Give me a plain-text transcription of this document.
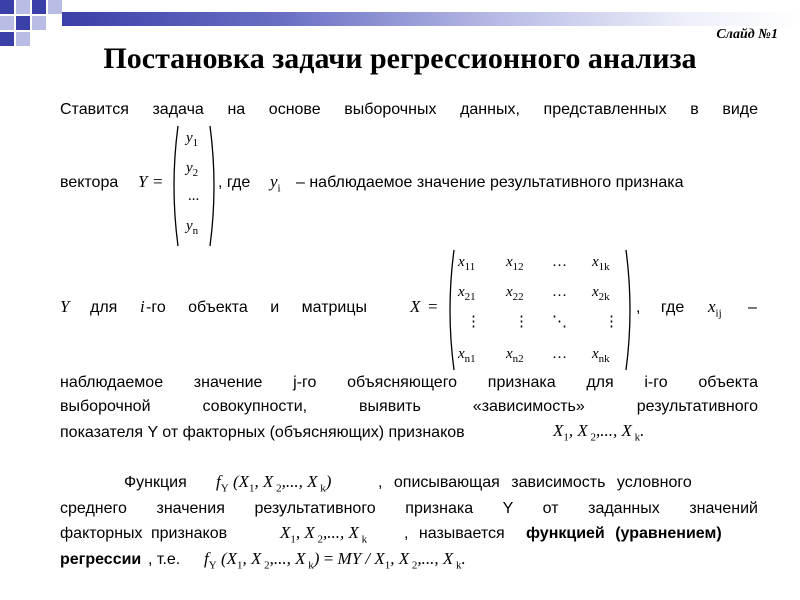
Слайд №1
Постановка задачи регрессионного анализа
Ставится задача на основе выборочных данных, представленных в виде
вектора Y =
$y_1$
$y_2$
...
$y_n$
, где $y_i$ – наблюдаемое значение результативного признака
Y для i -го объекта и матрицы	X =
$x_{11}$ $x_{12}$ … $x_{1k}$
$x_{21}$ $x_{22}$ … $x_{2k}$
⋮ ⋮ ⋱ ⋮
$x_{n1}$ $x_{n2}$ … $x_{nk}$
, где $x_{ij}$ –
наблюдаемое значение j-го объясняющего признака для i-го объекта
выборочной совокупности, выявить «зависимость» результативного
показателя Y от факторных (объясняющих) признаков	$X_1$, X $_2$,..., X $_k$.
Функция $f_Y$ ($X_1$, X $_2$,..., X $_k$)	, описывающая зависимость условного
среднего значения результативного признака Y от заданных значений
факторных признаков	$X_1$, X $_2$,..., X $_k$ , называется функцией (уравнением)
регрессии , т.е. $f_Y$ ($X_1$, X $_2$,..., X $_k$) = MY / $X_1$, X $_2$,..., X $_k$.
